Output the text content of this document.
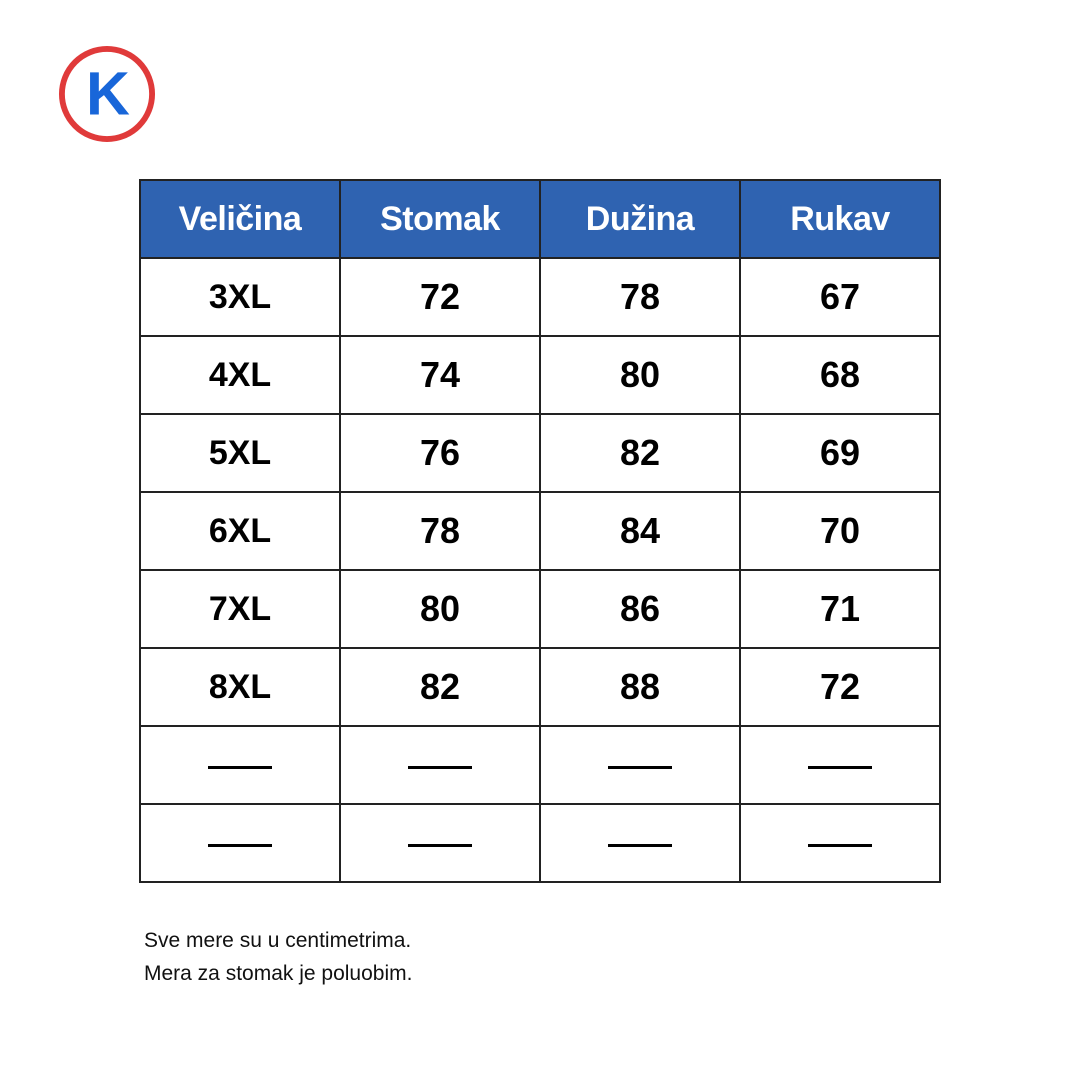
K
Veličina	Stomak	Dužina	Rukav
3XL	72	78	67
4XL	74	80	68
5XL	76	82	69
6XL	78	84	70
7XL	80	86	71
8XL	82	88	72

Sve mere su u centimetrima.
Mera za stomak je poluobim.
